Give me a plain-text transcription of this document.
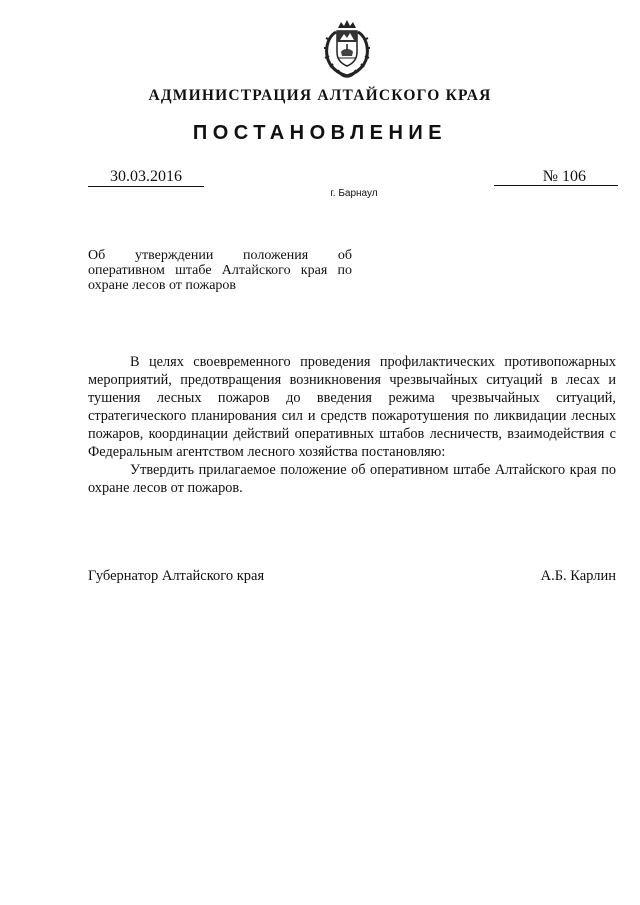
АДМИНИСТРАЦИЯ АЛТАЙСКОГО КРАЯ
ПОСТАНОВЛЕНИЕ
30.03.2016	№ 106
г. Барнаул
Об утверждении положения об оперативном штабе Алтайского края по охране лесов от пожаров

В целях своевременного проведения профилактических противопожарных мероприятий, предотвращения возникновения чрезвычайных ситуаций в лесах и тушения лесных пожаров до введения режима чрезвычайных ситуаций, стратегического планирования сил и средств пожаротушения по ликвидации лесных пожаров, координации действий оперативных штабов лесничеств, взаимодействия с Федеральным агентством лесного хозяйства постановляю:

Утвердить прилагаемое положение об оперативном штабе Алтайского края по охране лесов от пожаров.

Губернатор Алтайского края	А.Б. Карлин
